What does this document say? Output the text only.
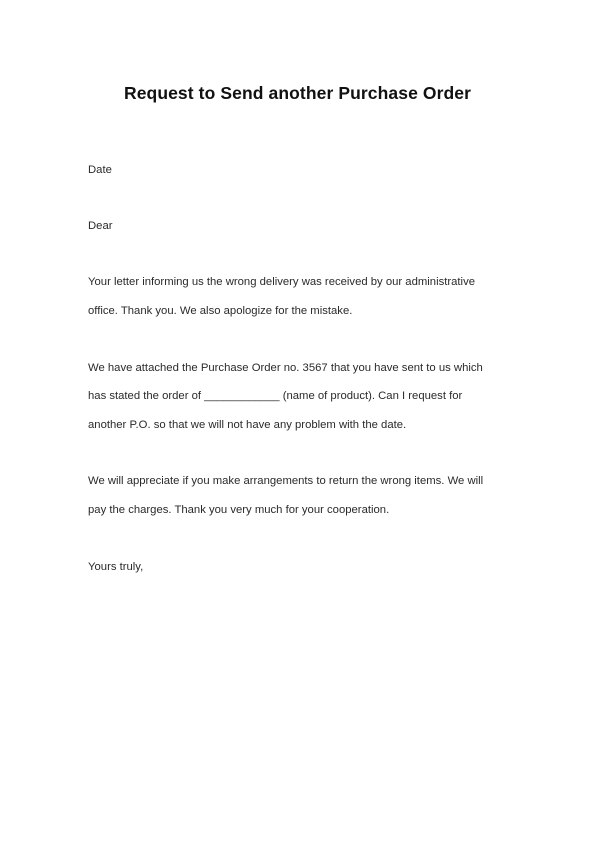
Request to Send another Purchase Order

Date

Dear

Your letter informing us the wrong delivery was received by our administrative

office. Thank you. We also apologize for the mistake.

We have attached the Purchase Order no. 3567 that you have sent to us which

has stated the order of ____________ (name of product). Can I request for

another P.O. so that we will not have any problem with the date.

We will appreciate if you make arrangements to return the wrong items. We will

pay the charges. Thank you very much for your cooperation.

Yours truly,
